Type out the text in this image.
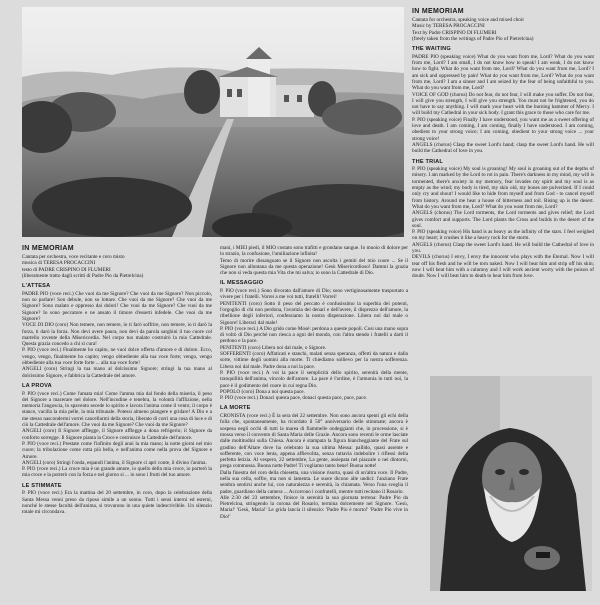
IN MEMORIAM

Cantata per orchestra, voce recitante e coro misto

musica di TERESA PROCACCINI

testo di PADRE CRISPINO DI FLUMERI

(liberamente tratto dagli scritti di Padre Pio da Pietrelcina)

L'ATTESA

PADRE PIO (voce reci.) Che vuoi da me Signore? Che vuoi da me Signore? Non piccolo, non so parlare! Son debole, non so lottare. Che vuoi da me Signore? Che vuoi da me Signore? Sono malato e oppresso dai dolori! Che vuoi da me Signore? Che vuoi da me Signore? Io sono peccatore e ne ansato il timore d'esserti infedele. Che vuoi da me Signore?

VOCE DI DIO (coro) Non temere, non temere, io ti farò soffrire, non temere, io ti darò la forza, ti darò la forza. Non devi avere paura, non devi da parola sarghini il tuo cuore col martello rovente della Misericordia. Nel corpo tuo malato costruirò la mia Cattedrale. Questa grazia concedo a chi si cura!

P. PIO (voce reci.) Finalmente ho capito, ne vuoi dolce offerta d'amore e di dolore. Ecco, vengo, vengo, finalmente ho capito; vengo obbediente alla tua voce forte; vengo, vengo obbediente alla tua voce forte forte ... alla tua voce forte!

ANGELI (coro) Stringi la tua mano al dolcissimo Signore; stringi la tua mano al dolcissimo Signore, e fabbrica la Cattedrale del amore.

LA PROVA

P. PIO (voce reci.) Come l'amata mia! Come l'amma mia dal fondo della miseria, il peso del Signore a macerare nel dolore. Nell'incudine e tenebra, la volontà l'afflizione, nella memoria l'angoscia, lo spavento secede lo spirito e lavora l'anima come il vento; il corpo è stanco, vacilla la mia pelle, la mia tribunale. Potessi almeno piangere e gridare! A Dio e a me stesso nascondermi vorrei cancellarmi della storia, liberato di corri una cosa di luce e di ciò la Cattedrale dell'amore. Che vuoi da me Signore? Che vuoi da me Signore?

ANGELI (coro) Il Signore afflegge, il Signore afflegge a dona refrigerio; il Signore da conforto sorregge. Il Signore pianta la Croce e costruisce la Cattedrale dell'amore.

P. PIO (voce reci.) Prestate come l'infinito degli anni la mia mano; la notte giorni nel mio cuore; la tribolazione come rotta più bella, e nell'anima come nella prova del Signore e Amore.

ANGELI (coro) Stringi l'onda, espandi l'anima, il Signore ci apri conte, il divino l'anima.

P. PIO (voce reci.) La croce mia è un grande amore, io quello della mia croce, io porterò la mia croce e la porterò con la forza e nel giorno si ... io sono i frutti del tuo amore.

LE STIMMATE

P. PIO (voce reci.) Era la mattina del 20 settembre, in coro, dopo la celebrazione della Santa Messa venni preso da riposo simile a un sonno. Tutti i sensi interni ed esterni, nonché le stesse facoltà dell'anima, si trovarono in una quiete indescrivibile. Un silenzio totale mi circondava.

mani, i MIEI piedi, il MIO costato sono trafitti e grondano sangue. Io muoio di dolore per lo strazio, la confusione, l'umiliazione infinita!

Temo di morire dissanguato se il Signore non ascolta i gemiti del mio cuore ... Se il Signore non allontana da me questa operazione! Gesù Misericordioso! Dammi la grazia che non si veda questa mia Vita che mi salva; io sono la Cattedrale di Dio.

IL MESSAGGIO

P. PIO (voce reci.) Sono divorato dall'amore di Dio; sono vertiginosamente trasportato a vivere per i fratelli. Vorrei a me voi tutti, fratelli! Vorrei!

PENITENTI (coro) Sotto il peso del peccato è confusissimo la superbia dei potenti, l'orgoglio di chi non perdona, l'avarizia dei denari e dell'avere, il disprezzo dell'amore, la ribellione degli inferiori, confessiamo la nostra disperazione. Libera noi dal male o Signore! Liberaci dal male!

P. PIO (voce reci.) A Dio grido come Mosè: perdona a queste popoli. Cosi una mano sopra di voltò di Dio perché non riesca a ogni del mondo, con l'altra stendo i fratelli a darti il perdono e la pace.

PENITENTI (coro) Libera noi dal male, o Signore.

SOFFERENTI (coro) Affaticati e stanchi, malati senza speranza, offerti da natura e dalla sorte, vittime degli uomini alla morte. Ti chiediamo sollievo per la nostra sofferenza. Libera noi dal male. Padre dona a noi la pace.

P. PIO (voce reci.) A voi la pace il semplicità dello spirito, serenità della mente, tranquillità dell'anima, vincolo dell'amore. La pace è l'ordine, è l'armonia in tutti noi, la pace è il godimento del cuore in cui regna Dio.

POPOLO (coro) Dona a noi questa pace.

P. PIO (voce reci.) Donaci questa pace, donaci questa pace, pace, pace.

LA MORTE

CRONISTA (voce reci.) È la sera del 22 settembre. Non sono ancora spenti gli echi della folla che, spontaneamente, ha ricordato il 50° anniversario delle stimmate; ancora è sospesa negli occhi di tutti la marea di fiammelle ondeggianti che, in processione, si è mossa verso il convento di Santa Maria delle Grazie. Ancora sono recenti le orme lasciate dalle moltitudini sulla Chiesa. Ancora è stampata la figura biancheggiante del Frate sul gradino dell'Altare dove ha celebrato la sua ultima Messa: pallido, quasi assente e sofferente, con voce lenta, appena affievolita, senza tuttavia indebolire i riflessi della perfetta letizia. Al vespero, 22 settembre, La gente, assiepata nel piazzale o nei dintorni, prega commossa. Buona notte Padre! Ti vogliamo tanto bene! Buona notte!

Dalla finestra del coro della chiesetta, una visione risorta, quasi di un'altra voce. Il Padre, nella sua cella, soffre, ma non si lamenta. Le suore dicono alle undici: l'anziano Frate sembra sentirsi anche lui, con naturalezza e serenità, la chiamata. Verso l'una sveglia il padre, guardiano della camera ... Accorrono i confratelli, mentre tutti recitano il Rosario.

Alle 2:30 del 23 settembre, finisce in serenità la sua giornata terrena: Padre Pio da Pietrelcina, stringendo la corona del Rosario, termina dolcemente nel Signore. 'Gesù, Maria!' 'Gesù, Maria!' Le grida lancia il silenzio: 'Padre Pio è morto!' 'Padre Pio vive in Dio!'

IN MEMORIAM

Cantata for orchestra, speaking voice and mixed choir

Music by TERESA PROCACCINI

Text by Padre CRISPINO DI FLUMERI

(freely taken from the writings of Padre Pio of Pietrelcina)

THE WAITING

PADRE PIO (speaking voice) What do you want from me, Lord? What do you want from me, Lord? I am small, I do not know how to speak! I am weak, I do not know how to fight. What do you want from me, Lord? What do you want from me, Lord? I am sick and oppressed by pain! What do you want from me, Lord? What do you want from me, Lord? I am a sinner and I am seized by the fear of being unfaithful to you. What do you want from me, Lord?

VOICE OF GOD (chorus) Do not fear, do not fear, I will make you suffer. Do not fear, I will give you strength, I will give you strength. You must not be frightened, you do not have to say anything. I will mark your heart with the burning hammer of Mercy. I will build my Cathedral in your sick body. I grant this grace to those who care for me.

P. PIO (speaking voice) Finally I have understood, you want me as a sweet offering of love and death. I am coming, I am coming, finally I have understood. I am coming, obedient to your strong voice; I am coming, obedient to your strong voice ... your strong voice!

ANGELS (chorus) Clasp the sweet Lord's hand; clasp the sweet Lord's hand. He will build the Cathedral of love in you.

THE TRIAL

P. PIO (speaking voice) My soul is groaning! My soul is groaning out of the depths of misery. I am marked by the Lord to rot in pain. There's darkness in my mind, my will is tormented, there's anxiety in my memory, fear invades my spirit and my soul is as empty as the wind; my body is tired, my skin old, my bones are pulverized. If I could only cry and shout! I would like to hide from myself and from God - to cancel myself from history. Around me hear a house of bitterness and toil. Rising up is the desert. What do you want from me, Lord? What do you want from me, Lord?

ANGELS (chorus) The Lord torments, the Lord torments and gives relief; the Lord gives comfort and supports. The Lord plants the Cross and builds in the desert of the soul.

P. PIO (speaking voice) His hand is as heavy as the infinity of the stars. I feel weighed on my heart; it crushes it like a heavy rock for the storm.

ANGELS (chorus) Clasp the sweet Lord's hand. He will build the Cathedral of love in you.

DEVILS (chorus) I envy, I envy the innocent who plays with the Eternal. Now I will tear off his flesh and he will be torn naked. Now I will beat him and strip off his skin; now I will beat him with a calumny and I will work ancient worry with the poison of doubt. Now I will beat him to death to hear him from love.
